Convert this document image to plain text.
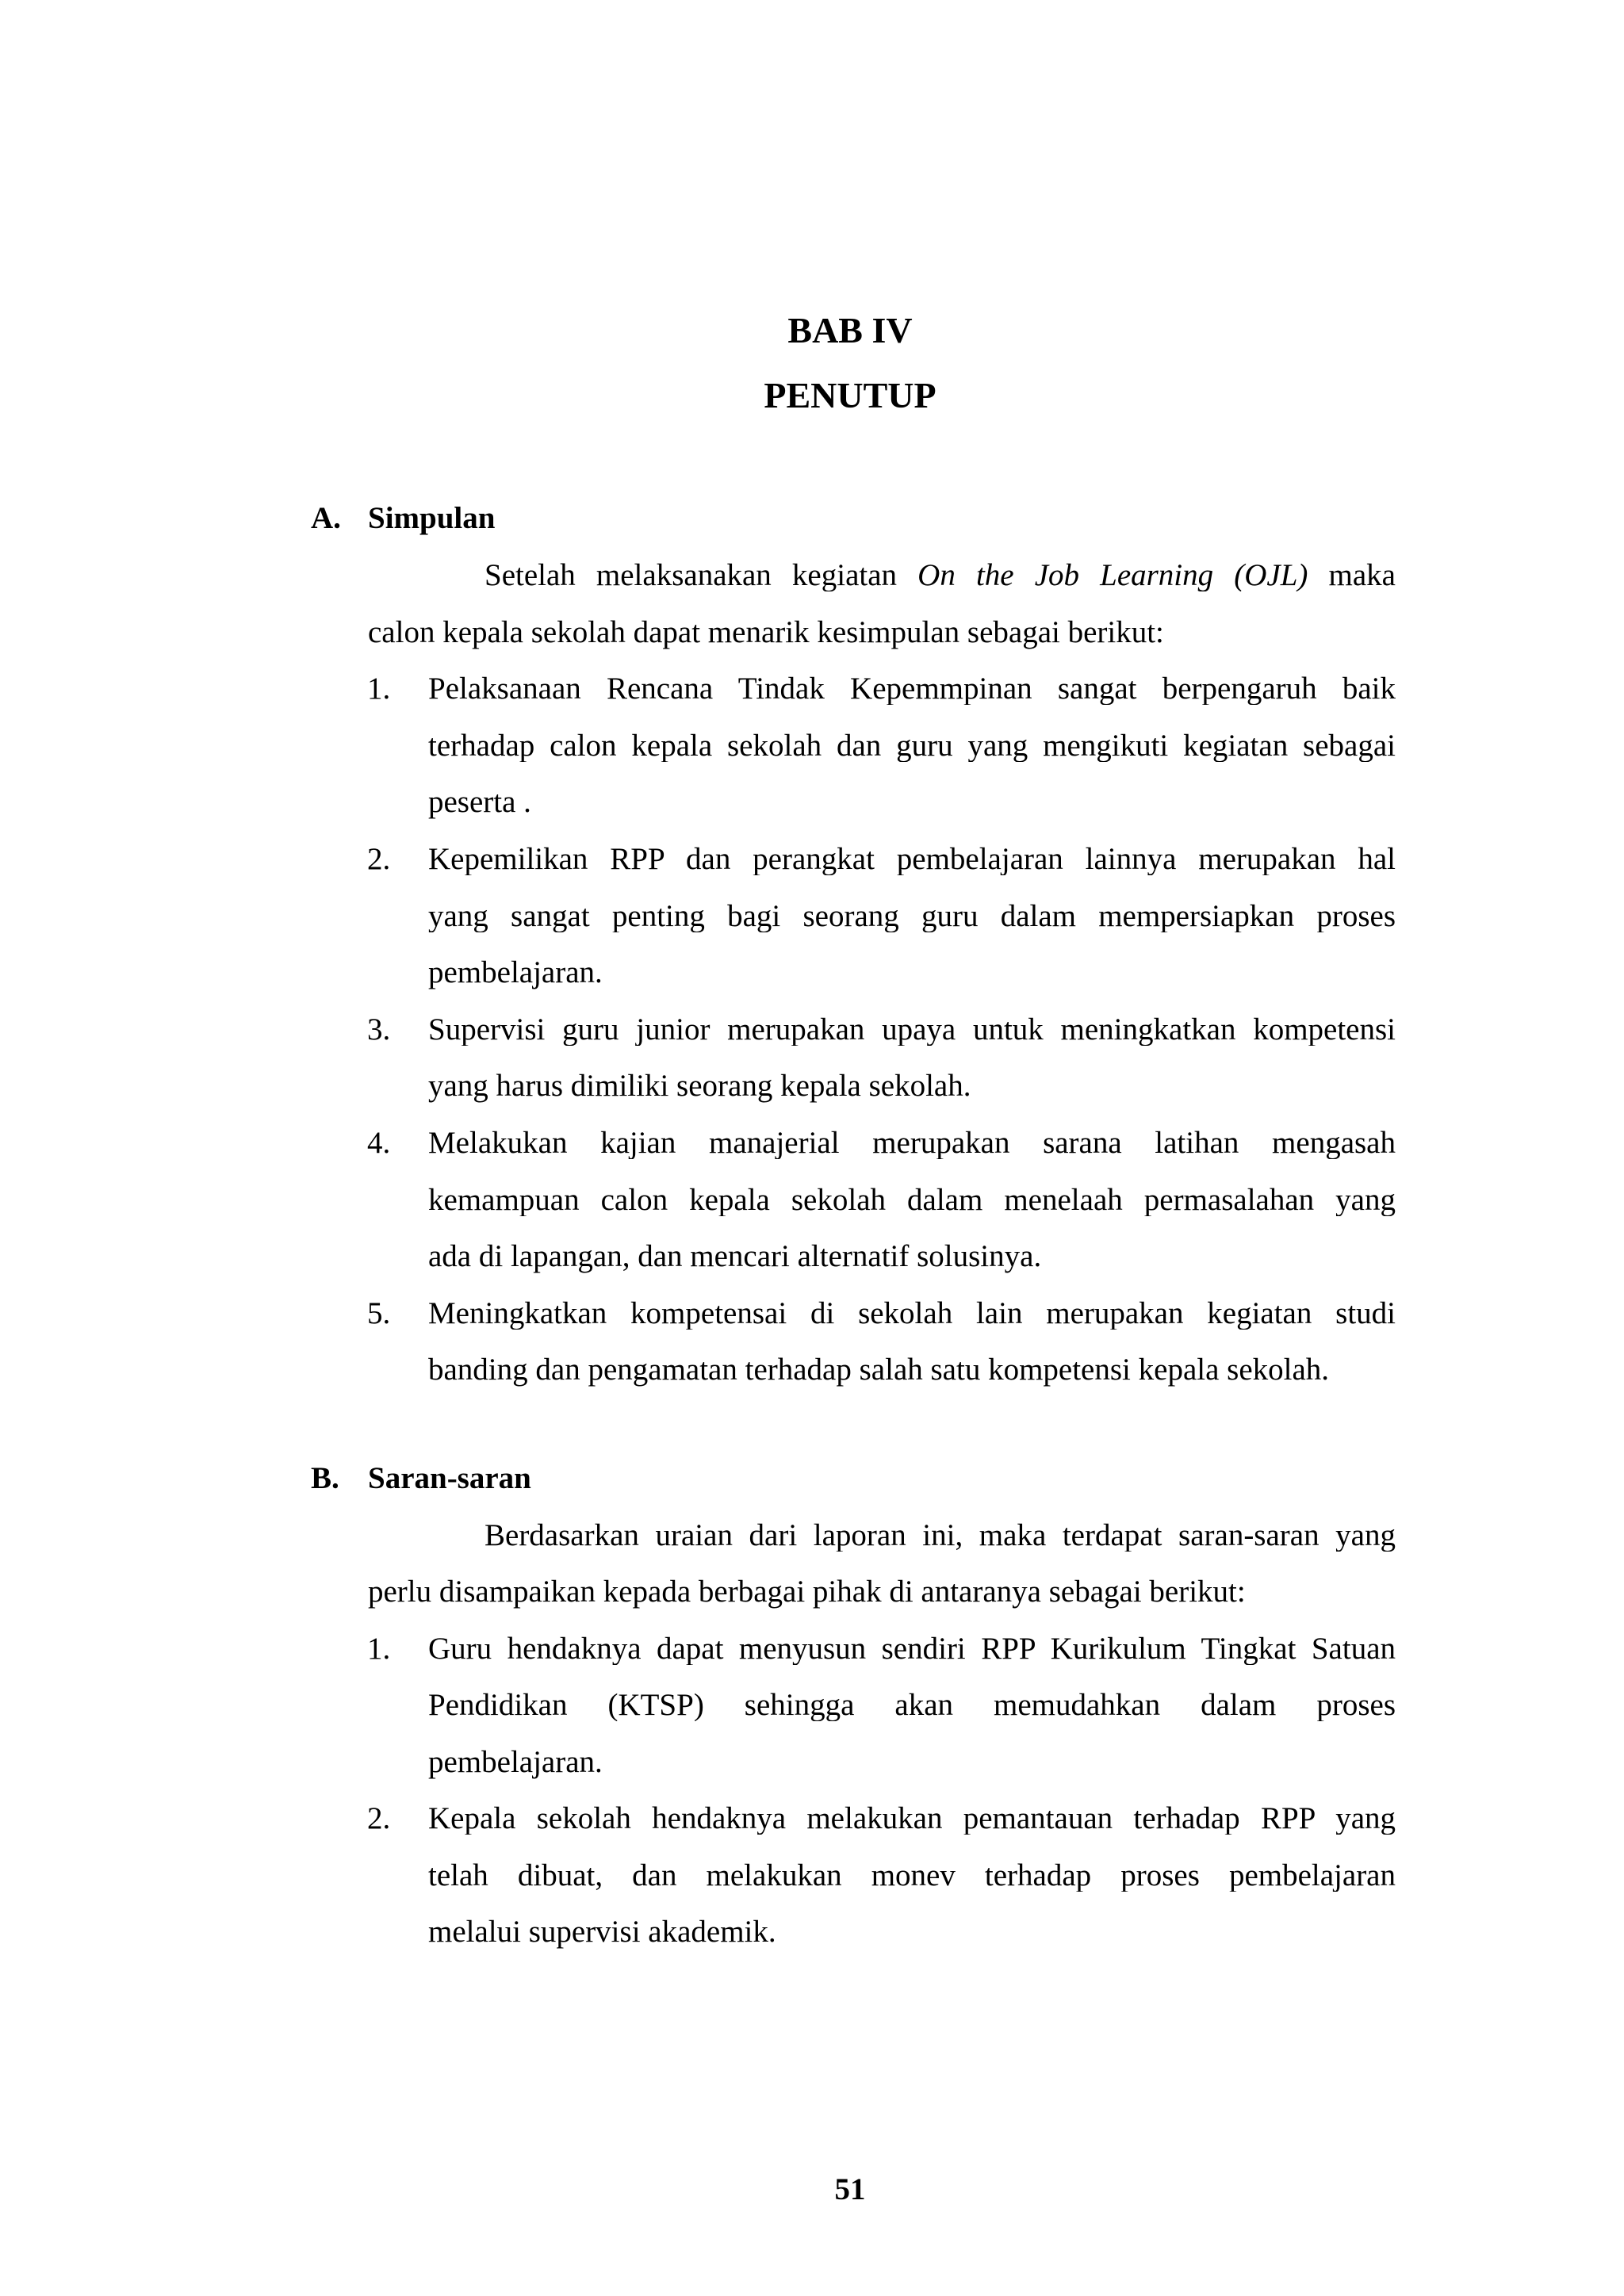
BAB IV
PENUTUP
A. Simpulan
Setelah melaksanakan kegiatan On the Job Learning (OJL) maka
calon kepala sekolah dapat menarik kesimpulan sebagai berikut:
1. Pelaksanaan Rencana Tindak Kepemmpinan sangat berpengaruh baik
terhadap calon kepala sekolah dan guru yang mengikuti kegiatan sebagai
peserta .
2. Kepemilikan RPP dan perangkat pembelajaran lainnya merupakan hal
yang sangat penting bagi seorang guru dalam mempersiapkan proses
pembelajaran.
3. Supervisi guru junior merupakan upaya untuk meningkatkan kompetensi
yang harus dimiliki seorang kepala sekolah.
4. Melakukan kajian manajerial merupakan sarana latihan mengasah
kemampuan calon kepala sekolah dalam menelaah permasalahan yang
ada di lapangan, dan mencari alternatif solusinya.
5. Meningkatkan kompetensai di sekolah lain merupakan kegiatan studi
banding dan pengamatan terhadap salah satu kompetensi kepala sekolah.
B. Saran-saran
Berdasarkan uraian dari laporan ini, maka terdapat saran-saran yang
perlu disampaikan kepada berbagai pihak di antaranya sebagai berikut:
1. Guru hendaknya dapat menyusun sendiri RPP Kurikulum Tingkat Satuan
Pendidikan (KTSP) sehingga akan memudahkan dalam proses
pembelajaran.
2. Kepala sekolah hendaknya melakukan pemantauan terhadap RPP yang
telah dibuat, dan melakukan monev terhadap proses pembelajaran
melalui supervisi akademik.
51
